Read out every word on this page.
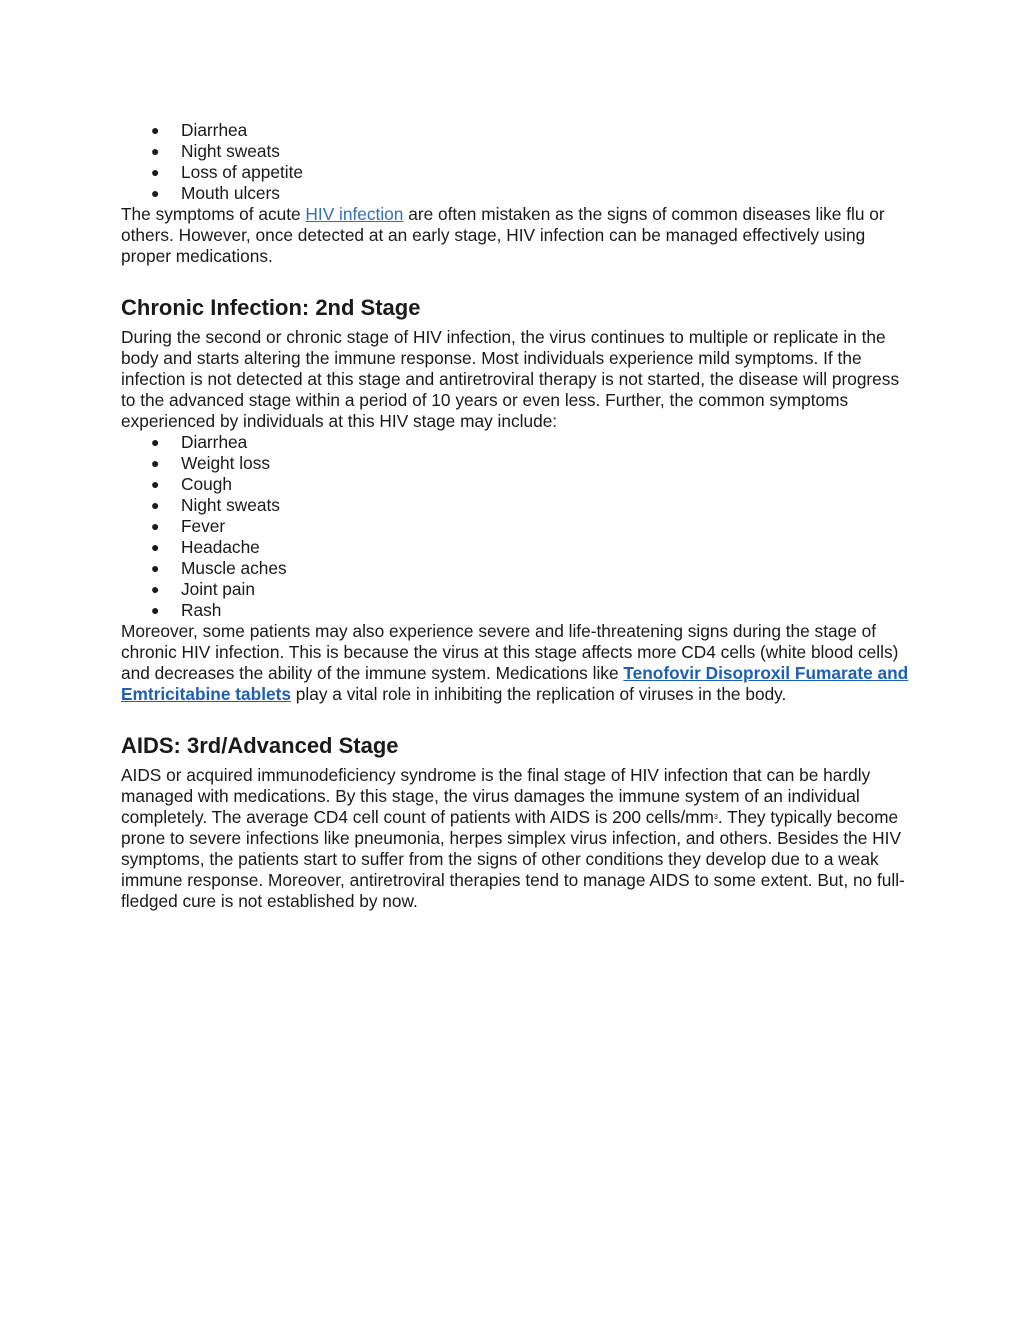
● Diarrhea
● Night sweats
● Loss of appetite
● Mouth ulcers

The symptoms of acute HIV infection are often mistaken as the signs of common diseases like flu or others. However, once detected at an early stage, HIV infection can be managed effectively using proper medications.

Chronic Infection: 2nd Stage

During the second or chronic stage of HIV infection, the virus continues to multiple or replicate in the body and starts altering the immune response. Most individuals experience mild symptoms. If the infection is not detected at this stage and antiretroviral therapy is not started, the disease will progress to the advanced stage within a period of 10 years or even less. Further, the common symptoms experienced by individuals at this HIV stage may include:

● Diarrhea
● Weight loss
● Cough
● Night sweats
● Fever
● Headache
● Muscle aches
● Joint pain
● Rash

Moreover, some patients may also experience severe and life-threatening signs during the stage of chronic HIV infection. This is because the virus at this stage affects more CD4 cells (white blood cells) and decreases the ability of the immune system. Medications like Tenofovir Disoproxil Fumarate and Emtricitabine tablets play a vital role in inhibiting the replication of viruses in the body.

AIDS: 3rd/Advanced Stage

AIDS or acquired immunodeficiency syndrome is the final stage of HIV infection that can be hardly managed with medications. By this stage, the virus damages the immune system of an individual completely. The average CD4 cell count of patients with AIDS is 200 cells/$mm^3$. They typically become prone to severe infections like pneumonia, herpes simplex virus infection, and others. Besides the HIV symptoms, the patients start to suffer from the signs of other conditions they develop due to a weak immune response. Moreover, antiretroviral therapies tend to manage AIDS to some extent. But, no full-fledged cure is not established by now.
